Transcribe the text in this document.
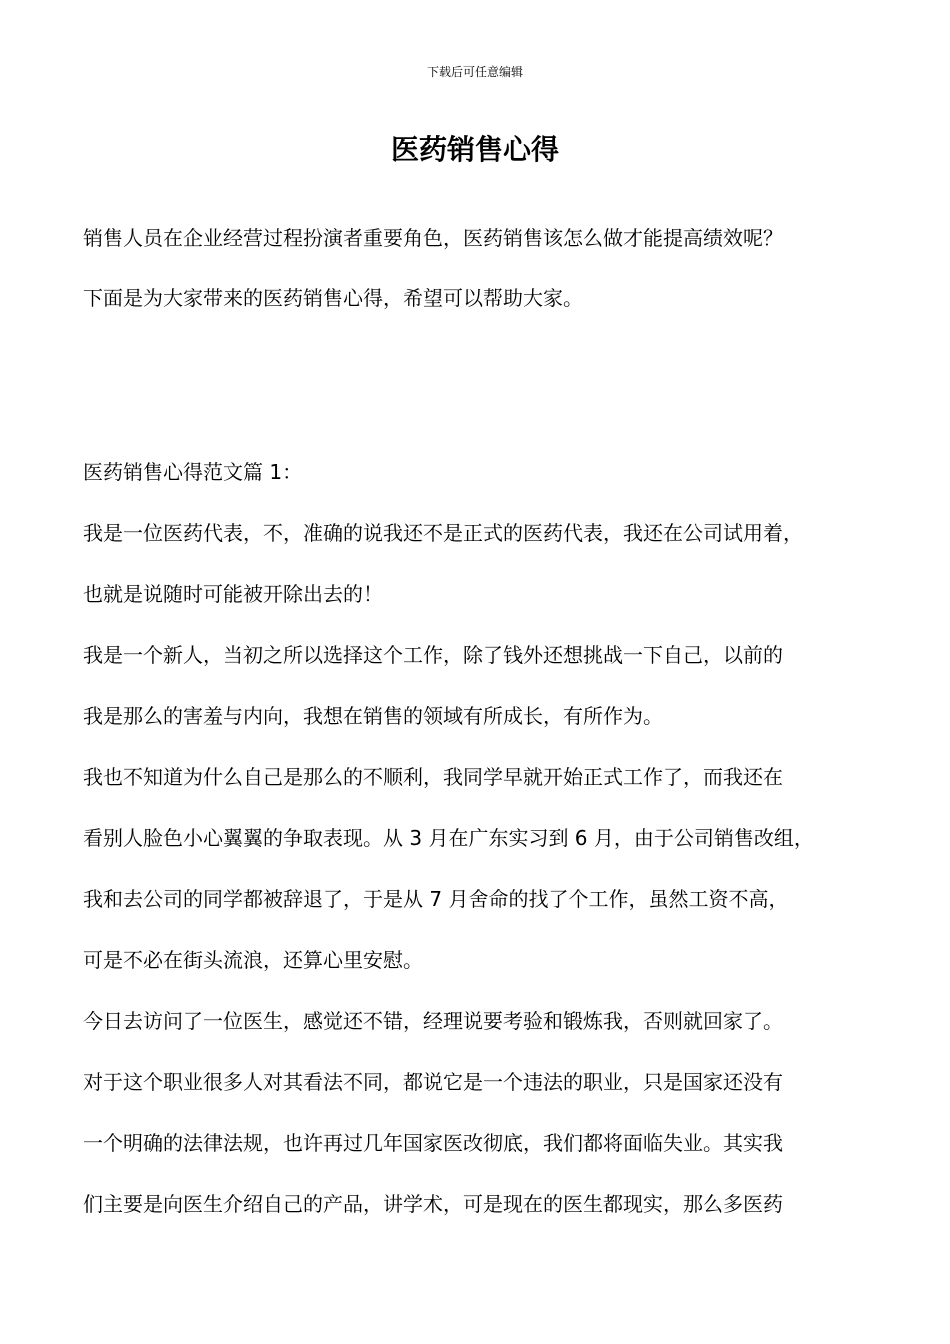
下载后可任意编辑
医药销售心得
销售人员在企业经营过程扮演者重要角色，医药销售该怎么做才能提高绩效呢？
下面是为大家带来的医药销售心得，希望可以帮助大家。
医药销售心得范文篇 1：
我是一位医药代表，不，准确的说我还不是正式的医药代表，我还在公司试用着，
也就是说随时可能被开除出去的！
我是一个新人，当初之所以选择这个工作，除了钱外还想挑战一下自己，以前的
我是那么的害羞与内向，我想在销售的领域有所成长，有所作为。
我也不知道为什么自己是那么的不顺利，我同学早就开始正式工作了，而我还在
看别人脸色小心翼翼的争取表现。从 3 月在广东实习到 6 月，由于公司销售改组，
我和去公司的同学都被辞退了，于是从 7 月舍命的找了个工作，虽然工资不高，
可是不必在街头流浪，还算心里安慰。
今日去访问了一位医生，感觉还不错，经理说要考验和锻炼我，否则就回家了。
对于这个职业很多人对其看法不同，都说它是一个违法的职业，只是国家还没有
一个明确的法律法规，也许再过几年国家医改彻底，我们都将面临失业。其实我
们主要是向医生介绍自己的产品，讲学术，可是现在的医生都现实，那么多医药
